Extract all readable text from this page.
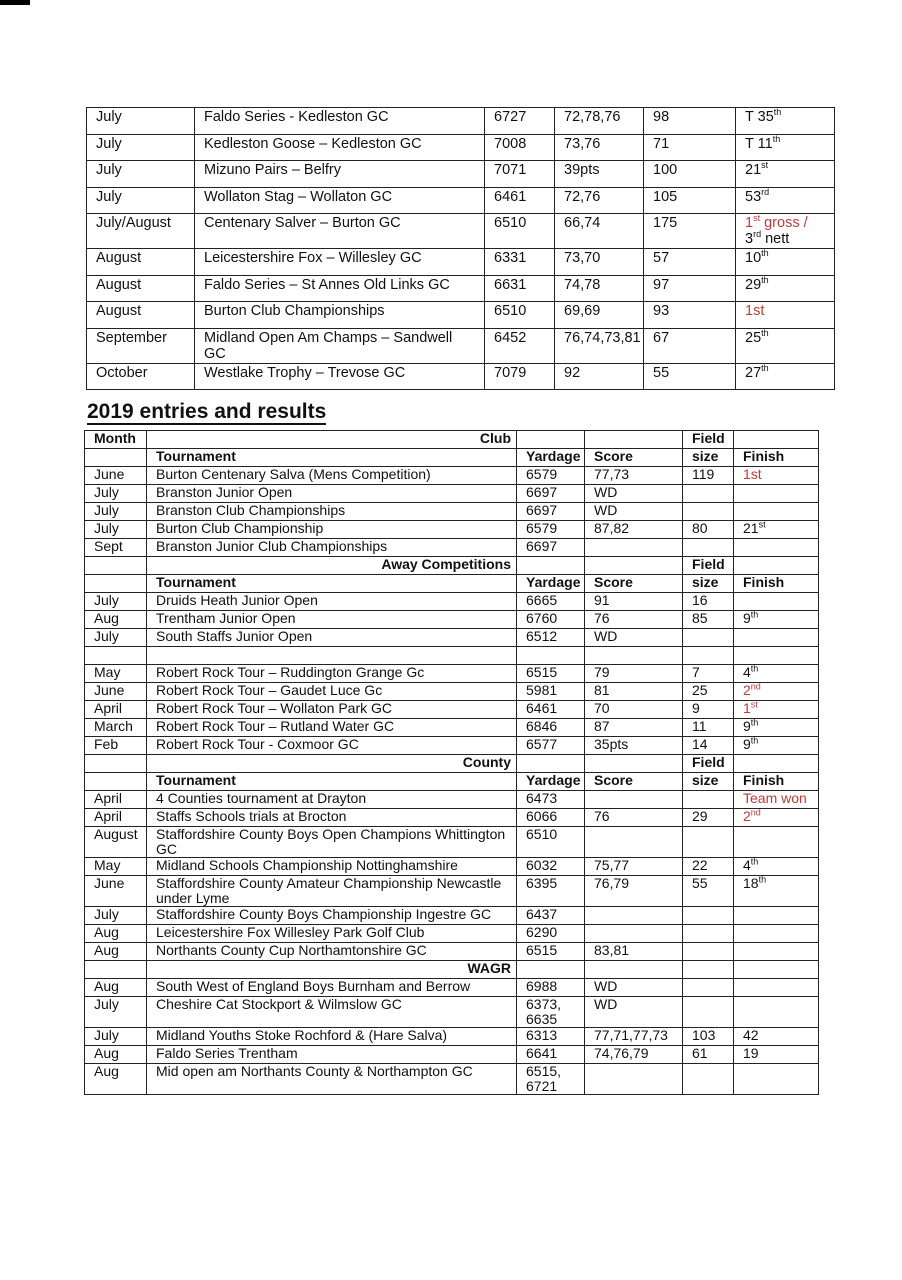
July	Faldo Series - Kedleston GC	6727	72,78,76	98	T 35th
July	Kedleston Goose – Kedleston GC	7008	73,76	71	T 11th
July	Mizuno Pairs – Belfry	7071	39pts	100	21st
July	Wollaton Stag – Wollaton GC	6461	72,76	105	53rd
July/August	Centenary Salver – Burton GC	6510	66,74	175	1st gross /
3rd nett
August	Leicestershire Fox – Willesley GC	6331	73,70	57	10th
August	Faldo Series – St Annes Old Links GC	6631	74,78	97	29th
August	Burton Club Championships	6510	69,69	93	1st
September	Midland Open Am Champs – Sandwell GC	6452	76,74,73,81	67	25th
October	Westlake Trophy – Trevose GC	7079	92	55	27th
2019 entries and results
Month	Club			Field	
	Tournament	Yardage	Score	size	Finish
June	Burton Centenary Salva (Mens Competition)	6579	77,73	119	1st
July	Branston Junior Open	6697	WD		
July	Branston Club Championships	6697	WD		
July	Burton Club Championship	6579	87,82	80	21st
Sept	Branston Junior Club Championships	6697			
	Away Competitions			Field	
	Tournament	Yardage	Score	size	Finish
July	Druids Heath Junior Open	6665	91	16	
Aug	Trentham Junior Open	6760	76	85	9th
July	South Staffs Junior Open	6512	WD		

May	Robert Rock Tour – Ruddington Grange Gc	6515	79	7	4th
June	Robert Rock Tour – Gaudet Luce Gc	5981	81	25	2nd
April	Robert Rock Tour – Wollaton Park GC	6461	70	9	1st
March	Robert Rock Tour – Rutland Water GC	6846	87	11	9th
Feb	Robert Rock Tour - Coxmoor GC	6577	35pts	14	9th
	County			Field	
	Tournament	Yardage	Score	size	Finish
April	4 Counties tournament at Drayton	6473			Team won
April	Staffs Schools trials at Brocton	6066	76	29	2nd
August	Staffordshire County Boys Open Champions Whittington GC	6510			
May	Midland Schools Championship Nottinghamshire	6032	75,77	22	4th
June	Staffordshire County Amateur Championship Newcastle under Lyme	6395	76,79	55	18th
July	Staffordshire County Boys Championship Ingestre GC	6437			
Aug	Leicestershire Fox Willesley Park Golf Club	6290			
Aug	Northants County Cup Northamtonshire GC	6515	83,81		
	WAGR				
Aug	South West of England Boys Burnham and Berrow	6988	WD		
July	Cheshire Cat Stockport & Wilmslow GC	6373, 6635	WD		
July	Midland Youths Stoke Rochford & (Hare Salva)	6313	77,71,77,73	103	42
Aug	Faldo Series Trentham	6641	74,76,79	61	19
Aug	Mid open am Northants County & Northampton GC	6515, 6721			
